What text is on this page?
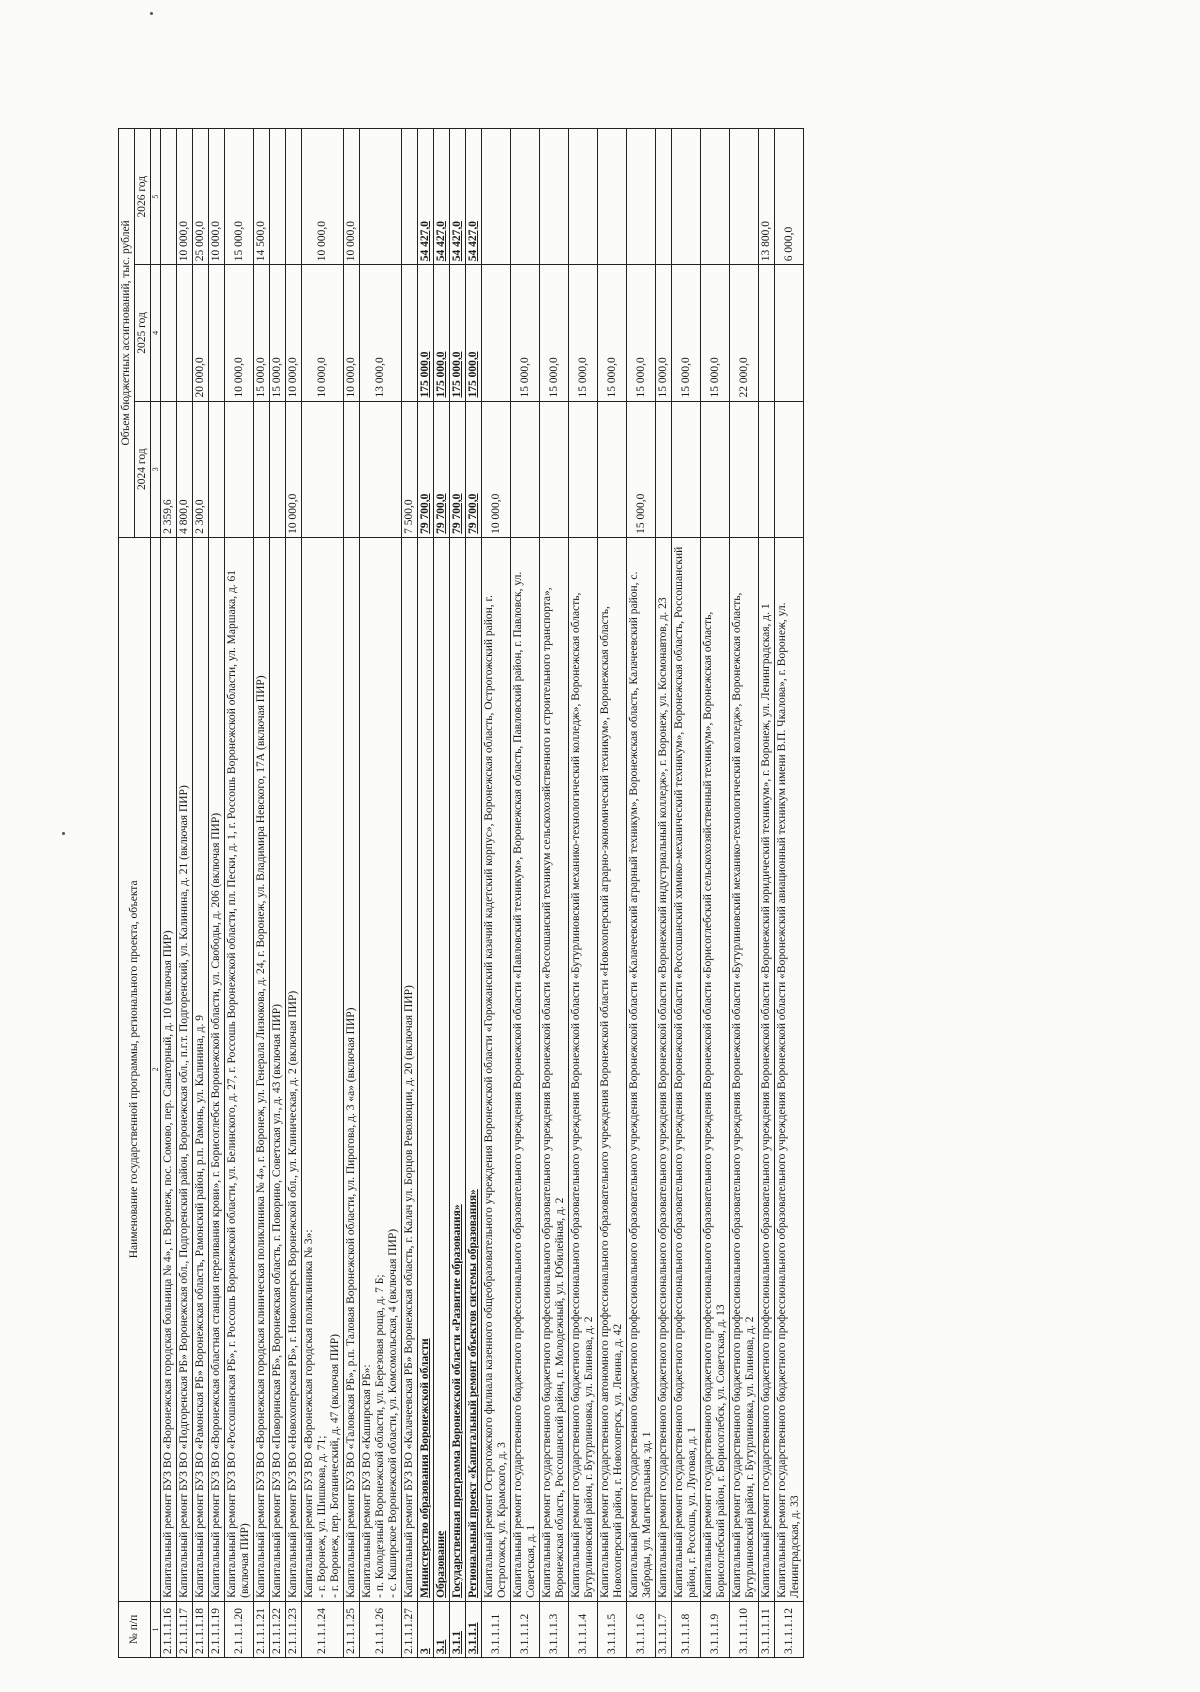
№ п/п	Наименование государственной программы, регионального проекта, объекта	Объем бюджетных ассигнований, тыс. рублей		
		2024 год	2025 год	2026 год
1	2	3	4	5
2.1.1.1.16	Капитальный ремонт БУЗ ВО «Воронежская городская больница № 4», г. Воронеж, пос. Сомово, пер. Санаторный, д. 10 (включая ПИР)	2 359,6		
2.1.1.1.17	Капитальный ремонт БУЗ ВО «Подгоренская РБ» Воронежская обл., Подгоренский район, Воронежская обл., п.г.т. Подгоренский, ул. Калинина, д. 21 (включая ПИР)	4 800,0		10 000,0
2.1.1.1.18	Капитальный ремонт БУЗ ВО «Рамонская РБ» Воронежская область, Рамонский район, р.п. Рамонь, ул. Калинина, д. 9	2 300,0	20 000,0	25 000,0
2.1.1.1.19	Капитальный ремонт БУЗ ВО «Воронежская областная станция переливания крови», г. Борисоглебск Воронежской области, ул. Свободы, д. 206 (включая ПИР)			10 000,0
2.1.1.1.20	Капитальный ремонт БУЗ ВО «Россошанская РБ», г. Россошь Воронежской области, ул. Белинского, д. 27, г. Россошь Воронежской области, пл. Пески, д. 1, г. Россошь Воронежской области, ул. Маршака, д. 61 (включая ПИР)		10 000,0	15 000,0
2.1.1.1.21	Капитальный ремонт БУЗ ВО «Воронежская городская клиническая поликлиника № 4», г. Воронеж, ул. Генерала Лизюкова, д. 24, г. Воронеж, ул. Владимира Невского, 17А (включая ПИР)		15 000,0	14 500,0
2.1.1.1.22	Капитальный ремонт БУЗ ВО «Поворинская РБ», Воронежская область, г. Поворино, Советская ул., д. 43 (включая ПИР)		15 000,0	
2.1.1.1.23	Капитальный ремонт БУЗ ВО «Новохоперская РБ», г. Новохоперск Воронежской обл., ул. Клиническая, д. 2 (включая ПИР)	10 000,0	10 000,0	
2.1.1.1.24	Капитальный ремонт БУЗ ВО «Воронежская городская поликлиника № 3»: - г. Воронеж, ул. Шишкова, д. 71; - г. Воронеж, пер. Ботанический, д. 47 (включая ПИР)		10 000,0	10 000,0
2.1.1.1.25	Капитальный ремонт БУЗ ВО «Таловская РБ», р.п. Таловая Воронежской области, ул. Пирогова, д. 3 «а» (включая ПИР)		10 000,0	10 000,0
2.1.1.1.26	Капитальный ремонт БУЗ ВО «Каширская РБ»: - п. Колодезный Воронежской области, ул. Березовая роща, д. 7 Б; - с. Каширское Воронежской области, ул. Комсомольская, 4 (включая ПИР)		13 000,0	
2.1.1.1.27	Капитальный ремонт БУЗ ВО «Калачеевская РБ» Воронежская область, г. Калач ул. Борцов Революции, д. 20 (включая ПИР)	7 500,0		
3	Министерство образования Воронежской области	79 700,0	175 000,0	54 427,0
3.1	Образование	79 700,0	175 000,0	54 427,0
3.1.1	Государственная программа Воронежской области «Развитие образования»	79 700,0	175 000,0	54 427,0
3.1.1.1	Региональный проект «Капитальный ремонт объектов системы образования»	79 700,0	175 000,0	54 427,0
3.1.1.1.1	Капитальный ремонт Острогожского филиала казенного общеобразовательного учреждения Воронежской области «Горожанский казачий кадетский корпус», Воронежская область, Острогожский район, г. Острогожск, ул. Крамского, д. 3	10 000,0		
3.1.1.1.2	Капитальный ремонт государственного бюджетного профессионального образовательного учреждения Воронежской области «Павловский техникум», Воронежская область, Павловский район, г. Павловск, ул. Советская, д. 1		15 000,0	
3.1.1.1.3	Капитальный ремонт государственного бюджетного профессионального образовательного учреждения Воронежской области «Россошанский техникум сельскохозяйственного и строительного транспорта», Воронежская область, Россошанский район, п. Молодежный, ул. Юбилейная, д. 2		15 000,0	
3.1.1.1.4	Капитальный ремонт государственного бюджетного профессионального образовательного учреждения Воронежской области «Бутурлиновский механико-технологический колледж», Воронежская область, Бутурлиновский район, г. Бутурлиновка, ул. Блинова, д. 2		15 000,0	
3.1.1.1.5	Капитальный ремонт государственного автономного профессионального образовательного учреждения Воронежской области «Новохоперский аграрно-экономический техникум», Воронежская область, Новохоперский район, г. Новохоперск, ул. Ленина, д. 42		15 000,0	
3.1.1.1.6	Капитальный ремонт государственного бюджетного профессионального образовательного учреждения Воронежской области «Калачеевский аграрный техникум», Воронежская область, Калачеевский район, с. Заброды, ул. Магистральная, зд. 1	15 000,0	15 000,0	
3.1.1.1.7	Капитальный ремонт государственного бюджетного профессионального образовательного учреждения Воронежской области «Воронежский индустриальный колледж», г. Воронеж, ул. Космонавтов, д. 23		15 000,0	
3.1.1.1.8	Капитальный ремонт государственного бюджетного профессионального образовательного учреждения Воронежской области «Россошанский химико-механический техникум», Воронежская область, Россошанский район, г. Россошь, ул. Луговая, д. 1		15 000,0	
3.1.1.1.9	Капитальный ремонт государственного бюджетного профессионального образовательного учреждения Воронежской области «Борисоглебский сельскохозяйственный техникум», Воронежская область, Борисоглебский район, г. Борисоглебск, ул. Советская, д. 13		15 000,0	
3.1.1.1.10	Капитальный ремонт государственного бюджетного профессионального образовательного учреждения Воронежской области «Бутурлиновский механико-технологический колледж», Воронежская область, Бутурлиновский район, г. Бутурлиновка, ул. Блинова, д. 2		22 000,0	
3.1.1.1.11	Капитальный ремонт государственного бюджетного профессионального образовательного учреждения Воронежской области «Воронежский юридический техникум», г. Воронеж, ул. Ленинградская, д. 1			13 800,0
3.1.1.1.12	Капитальный ремонт государственного бюджетного профессионального образовательного учреждения Воронежской области «Воронежский авиационный техникум имени В.П. Чкалова», г. Воронеж, ул. Ленинградская, д. 33			6 000,0
